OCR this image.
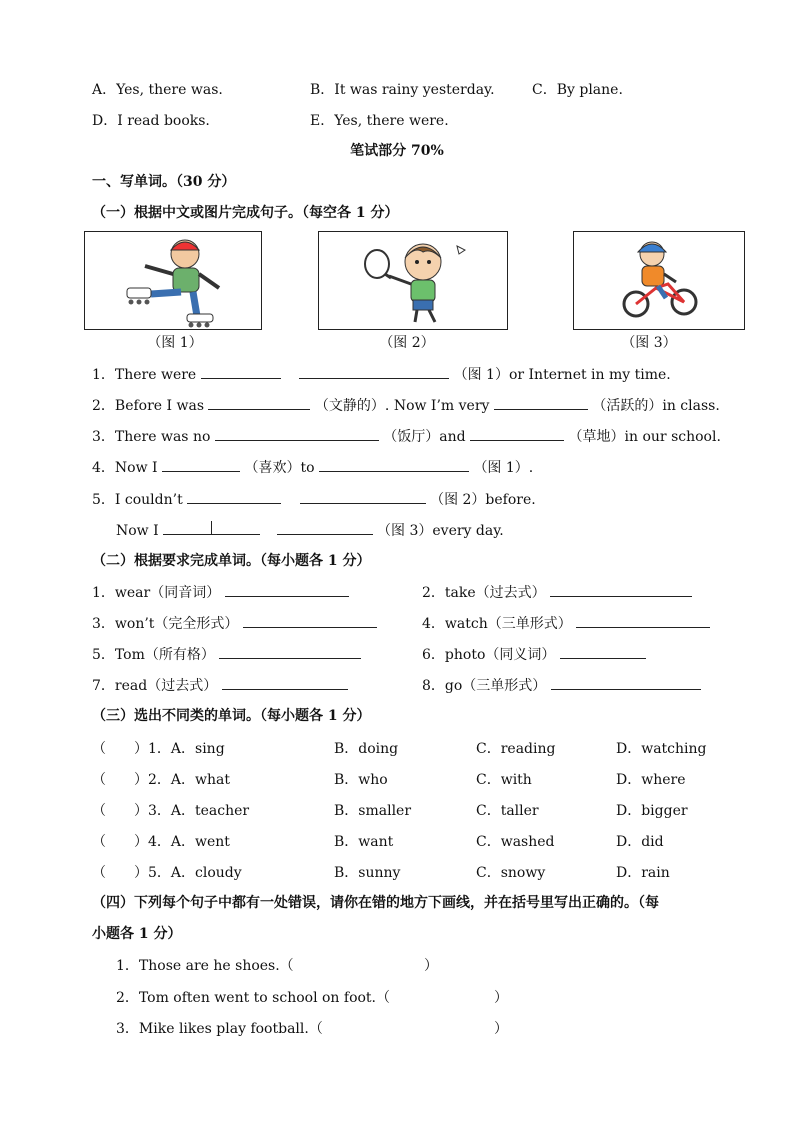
A．Yes, there was.	B．It was rainy yesterday.	C．By plane.
D．I read books.	E．Yes, there were.
笔试部分 70%
一、写单词。（30 分）
（一）根据中文或图片完成句子。（每空各 1 分）
（图 1）	（图 2）	（图 3）
1．There were	（图 1）or Internet in my time.
2．Before I was	（文静的）. Now I’m very	（活跃的）in class.
3．There was no	（饭厅）and	（草地）in our school.
4．Now I	（喜欢）to	（图 1）.
5．I couldn’t	（图 2）before.
Now I	（图 3）every day.
（二）根据要求完成单词。（每小题各 1 分）
1．wear（同音词）	2．take（过去式）
3．won’t（完全形式）	4．watch（三单形式）
5．Tom（所有格）	6．photo（同义词）
7．read（过去式）	8．go（三单形式）
（三）选出不同类的单词。（每小题各 1 分）
（　　）1．A．sing	B．doing	C．reading	D．watching
（　　）2．A．what	B．who	C．with	D．where
（　　）3．A．teacher	B．smaller	C．taller	D．bigger
（　　）4．A．went	B．want	C．washed	D．did
（　　）5．A．cloudy	B．sunny	C．snowy	D．rain
（四）下列每个句子中都有一处错误，请你在错的地方下画线，并在括号里写出正确的。（每
小题各 1 分）
1．Those are he shoes.（	）
2．Tom often went to school on foot.（	）
3．Mike likes play football.（	）
